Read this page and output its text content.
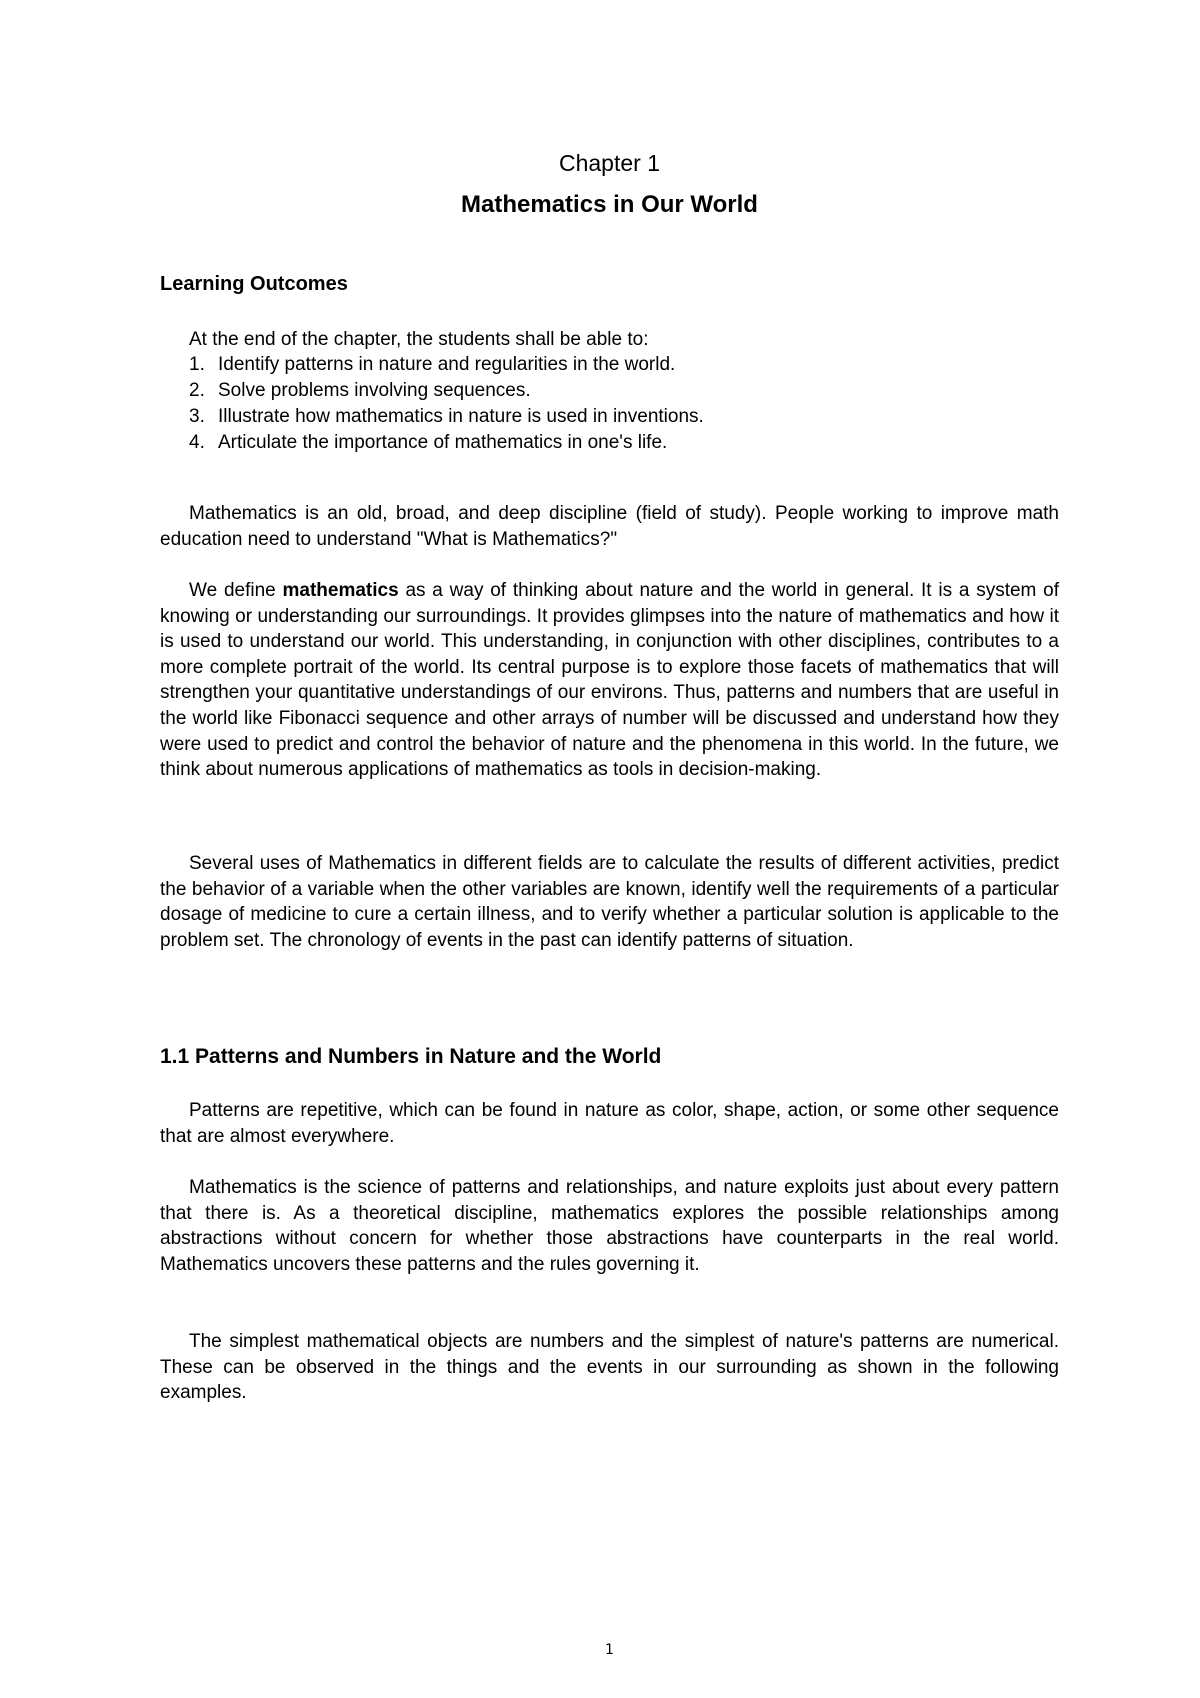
Chapter 1
Mathematics in Our World
Learning Outcomes

At the end of the chapter, the students shall be able to:

1. Identify patterns in nature and regularities in the world.
2. Solve problems involving sequences.
3. Illustrate how mathematics in nature is used in inventions.
4. Articulate the importance of mathematics in one's life.

Mathematics is an old, broad, and deep discipline (field of study). People working to improve math education need to understand "What is Mathematics?"

We define mathematics as a way of thinking about nature and the world in general. It is a system of knowing or understanding our surroundings. It provides glimpses into the nature of mathematics and how it is used to understand our world. This understanding, in conjunction with other disciplines, contributes to a more complete portrait of the world. Its central purpose is to explore those facets of mathematics that will strengthen your quantitative understandings of our environs. Thus, patterns and numbers that are useful in the world like Fibonacci sequence and other arrays of number will be discussed and understand how they were used to predict and control the behavior of nature and the phenomena in this world. In the future, we think about numerous applications of mathematics as tools in decision-making.

Several uses of Mathematics in different fields are to calculate the results of different activities, predict the behavior of a variable when the other variables are known, identify well the requirements of a particular dosage of medicine to cure a certain illness, and to verify whether a particular solution is applicable to the problem set. The chronology of events in the past can identify patterns of situation.

1.1 Patterns and Numbers in Nature and the World

Patterns are repetitive, which can be found in nature as color, shape, action, or some other sequence that are almost everywhere.

Mathematics is the science of patterns and relationships, and nature exploits just about every pattern that there is. As a theoretical discipline, mathematics explores the possible relationships among abstractions without concern for whether those abstractions have counterparts in the real world. Mathematics uncovers these patterns and the rules governing it.

The simplest mathematical objects are numbers and the simplest of nature's patterns are numerical. These can be observed in the things and the events in our surrounding as shown in the following examples.

1
